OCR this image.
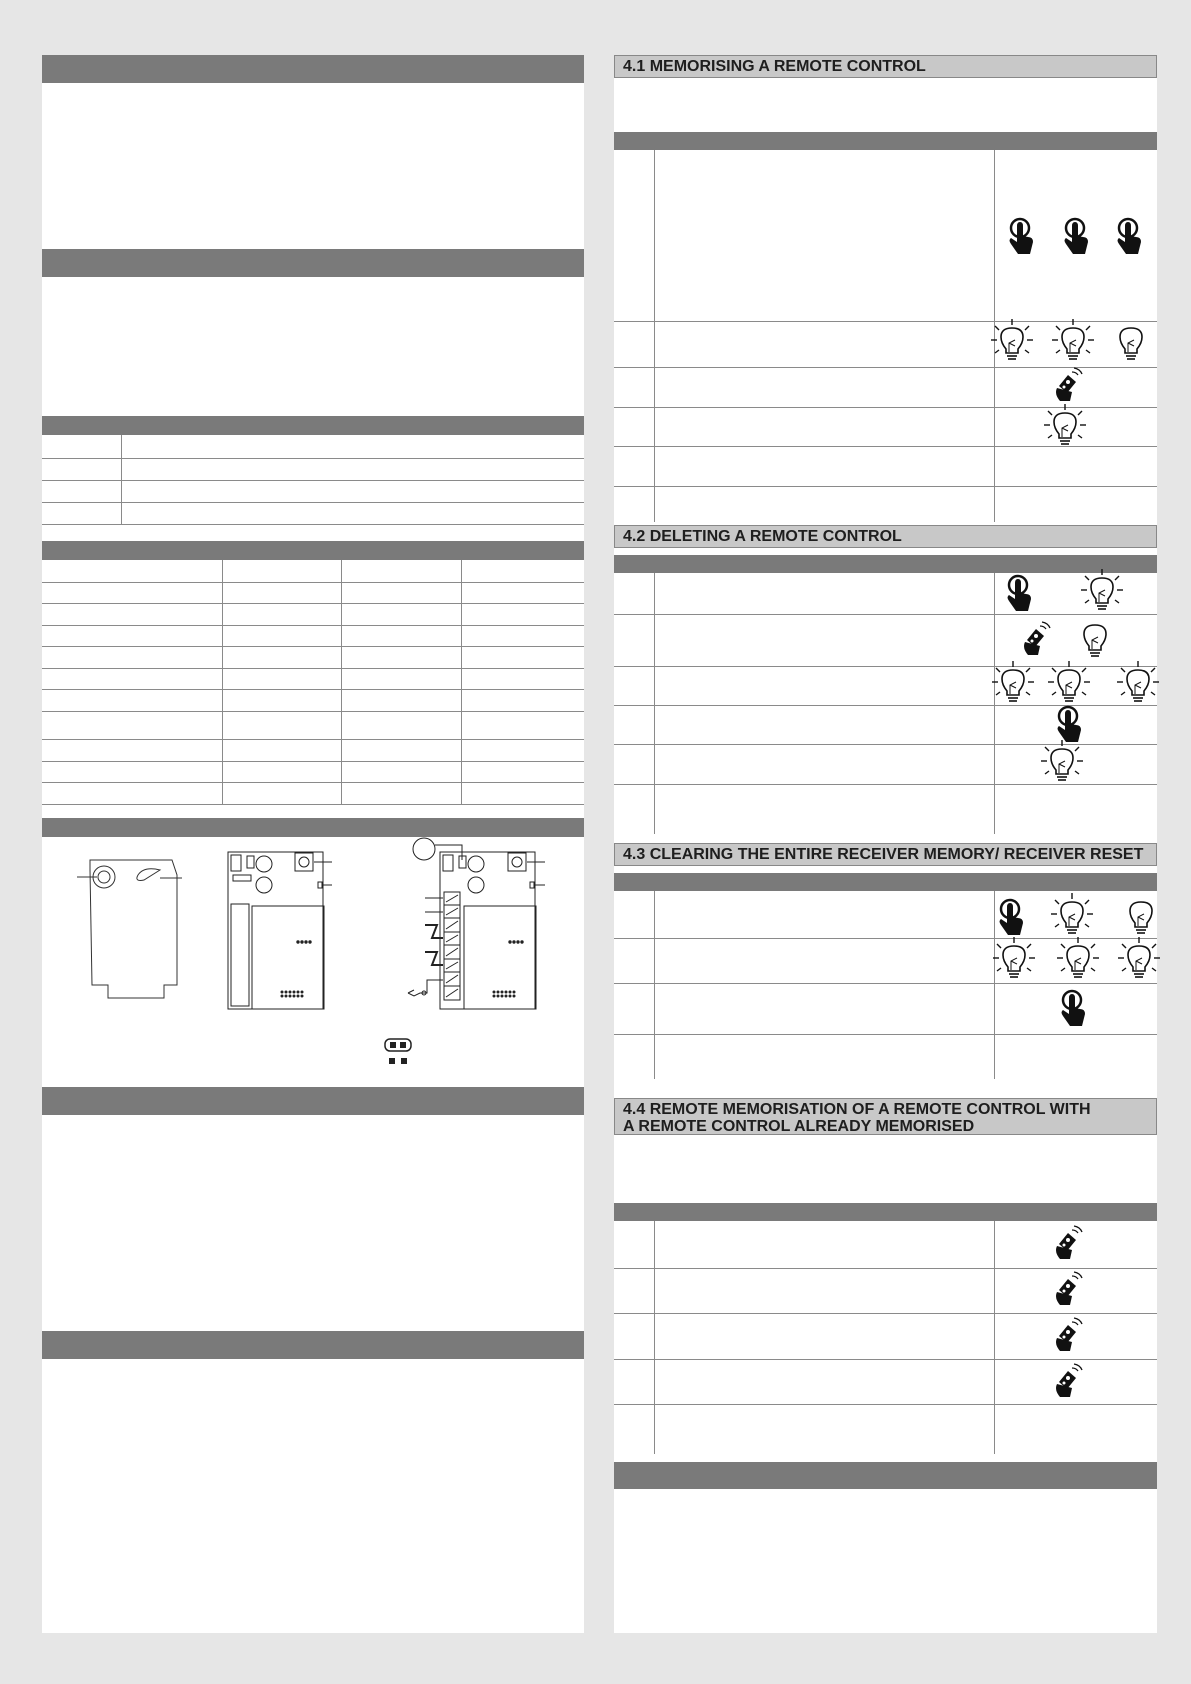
4.1 MEMORISING A REMOTE CONTROL
4.2 DELETING A REMOTE CONTROL
4.3 CLEARING THE ENTIRE RECEIVER MEMORY/ RECEIVER RESET
4.4 REMOTE MEMORISATION OF A REMOTE CONTROL WITH
A REMOTE CONTROL ALREADY MEMORISED
